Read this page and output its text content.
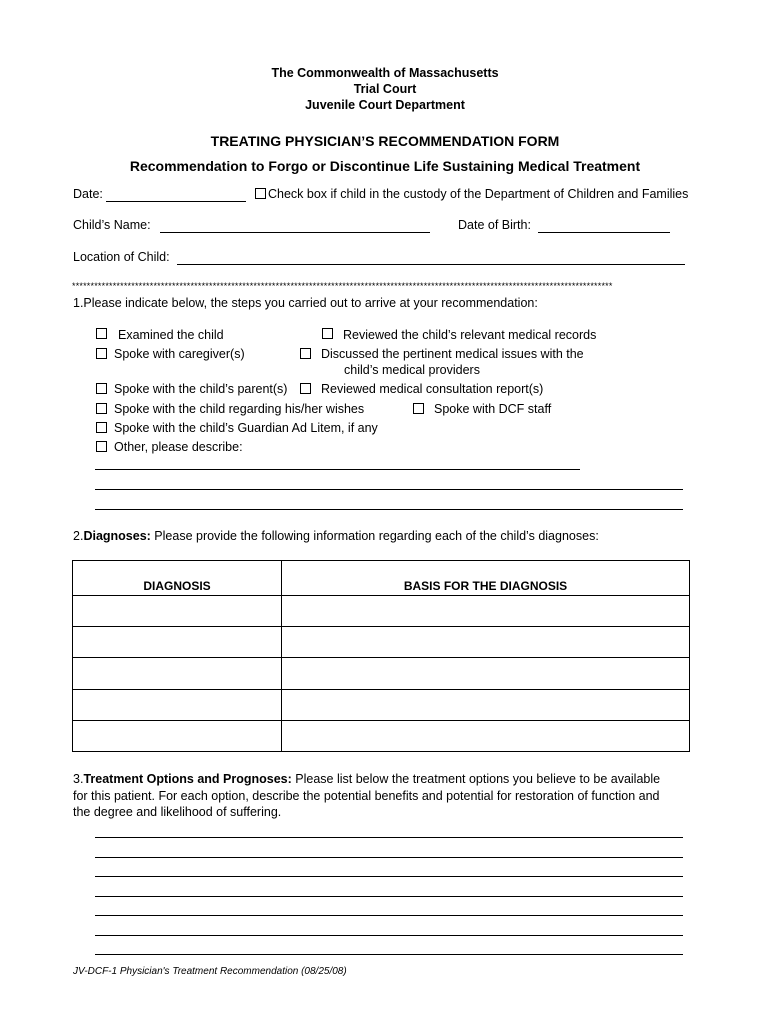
The Commonwealth of Massachusetts
Trial Court
Juvenile Court Department
TREATING PHYSICIAN’S RECOMMENDATION FORM
Recommendation to Forgo or Discontinue Life Sustaining Medical Treatment
Date:	Check box if child in the custody of the Department of Children and Families
Child’s Name:	Date of Birth:
Location of Child:
**************************************************************************************************************************************************
1.Please indicate below, the steps you carried out to arrive at your recommendation:
Examined the child	Reviewed the child’s relevant medical records
Spoke with caregiver(s)	Discussed the pertinent medical issues with the
child’s medical providers
Spoke with the child’s parent(s)	Reviewed medical consultation report(s)
Spoke with the child regarding his/her wishes	Spoke with DCF staff
Spoke with the child’s Guardian Ad Litem, if any
Other, please describe:
2.Diagnoses: Please provide the following information regarding each of the child’s diagnoses:
DIAGNOSIS	BASIS FOR THE DIAGNOSIS

3.Treatment Options and Prognoses: Please list below the treatment options you believe to be available
for this patient. For each option, describe the potential benefits and potential for restoration of function and
the degree and likelihood of suffering.
JV-DCF-1 Physician's Treatment Recommendation (08/25/08)
